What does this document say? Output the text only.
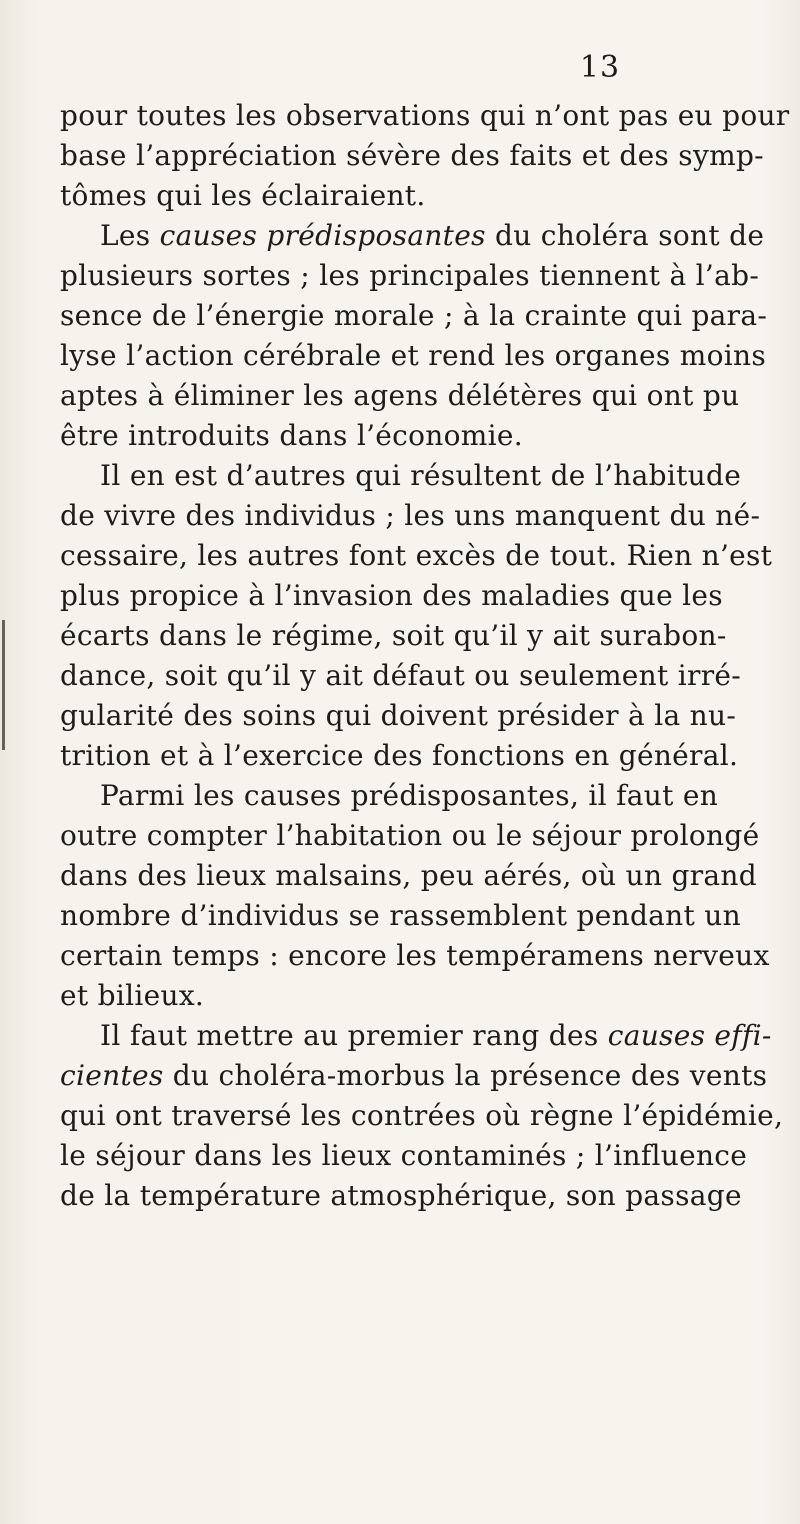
13
pour toutes les observations qui n’ont pas eu pour
base l’appréciation sévère des faits et des symp-
tômes qui les éclairaient.
Les causes prédisposantes du choléra sont de
plusieurs sortes ; les principales tiennent à l’ab-
sence de l’énergie morale ; à la crainte qui para-
lyse l’action cérébrale et rend les organes moins
aptes à éliminer les agens délétères qui ont pu
être introduits dans l’économie.
Il en est d’autres qui résultent de l’habitude
de vivre des individus ; les uns manquent du né-
cessaire, les autres font excès de tout. Rien n’est
plus propice à l’invasion des maladies que les
écarts dans le régime, soit qu’il y ait surabon-
dance, soit qu’il y ait défaut ou seulement irré-
gularité des soins qui doivent présider à la nu-
trition et à l’exercice des fonctions en général.
Parmi les causes prédisposantes, il faut en
outre compter l’habitation ou le séjour prolongé
dans des lieux malsains, peu aérés, où un grand
nombre d’individus se rassemblent pendant un
certain temps : encore les tempéramens nerveux
et bilieux.
Il faut mettre au premier rang des causes effi-
cientes du choléra-morbus la présence des vents
qui ont traversé les contrées où règne l’épidémie,
le séjour dans les lieux contaminés ; l’influence
de la température atmosphérique, son passage
